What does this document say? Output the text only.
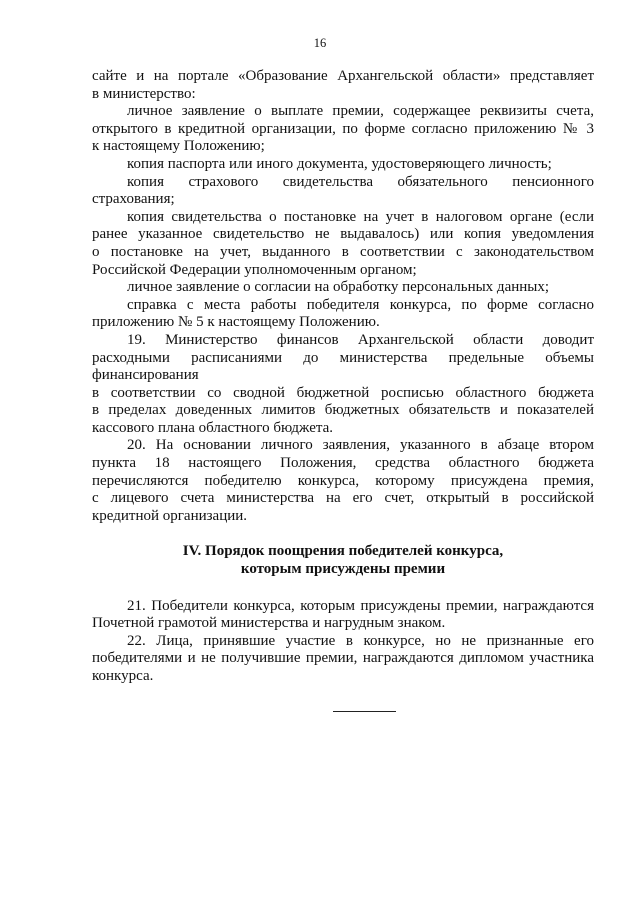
16

сайте и на портале «Образование Архангельской области» представляет
в министерство:

личное заявление о выплате премии, содержащее реквизиты счета,
открытого в кредитной организации, по форме согласно приложению № 3
к настоящему Положению;

копия паспорта или иного документа, удостоверяющего личность;

копия страхового свидетельства обязательного пенсионного
страхования;

копия свидетельства о постановке на учет в налоговом органе (если
ранее указанное свидетельство не выдавалось) или копия уведомления
о постановке на учет, выданного в соответствии с законодательством
Российской Федерации уполномоченным органом;

личное заявление о согласии на обработку персональных данных;

справка с места работы победителя конкурса, по форме согласно
приложению № 5 к настоящему Положению.

19. Министерство финансов Архангельской области доводит
расходными расписаниями до министерства предельные объемы
финансирования
в соответствии со сводной бюджетной росписью областного бюджета
в пределах доведенных лимитов бюджетных обязательств и показателей
кассового плана областного бюджета.

20. На основании личного заявления, указанного в абзаце втором
пункта 18 настоящего Положения, средства областного бюджета
перечисляются победителю конкурса, которому присуждена премия,
с лицевого счета министерства на его счет, открытый в российской
кредитной организации.

IV. Порядок поощрения победителей конкурса,
которым присуждены премии

21. Победители конкурса, которым присуждены премии, награждаются
Почетной грамотой министерства и нагрудным знаком.

22. Лица, принявшие участие в конкурсе, но не признанные его
победителями и не получившие премии, награждаются дипломом участника
конкурса.
